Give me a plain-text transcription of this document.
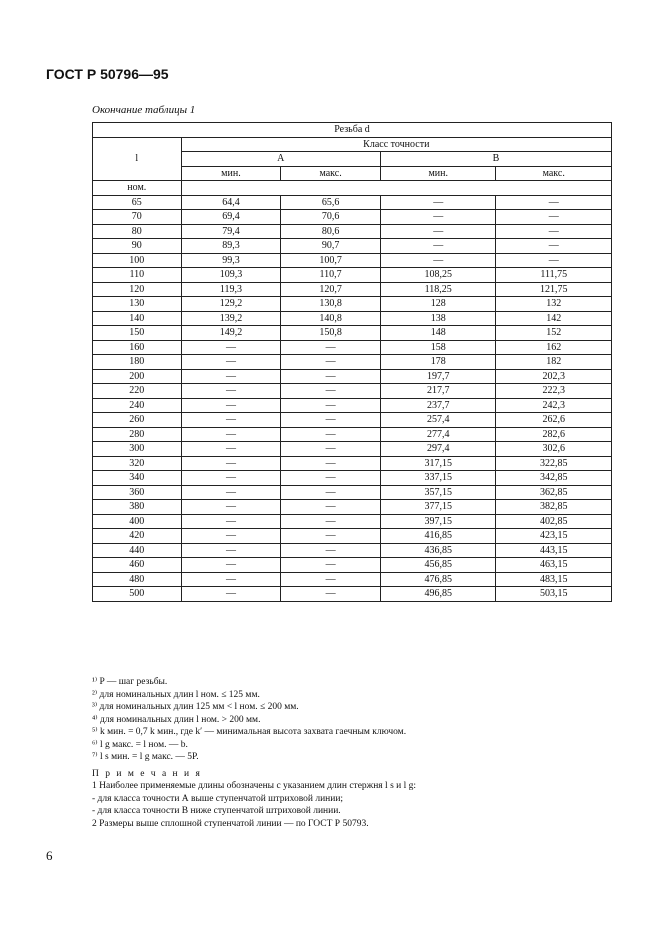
ГОСТ Р 50796—95
Окончание таблицы 1
Резьба d				
l	Класс точности			
	А		В	
	мин.	макс.	мин.	макс.
ном.				
65	64,4	65,6	—	—
70	69,4	70,6	—	—
80	79,4	80,6	—	—
90	89,3	90,7	—	—
100	99,3	100,7	—	—
110	109,3	110,7	108,25	111,75
120	119,3	120,7	118,25	121,75
130	129,2	130,8	128	132
140	139,2	140,8	138	142
150	149,2	150,8	148	152
160	—	—	158	162
180	—	—	178	182
200	—	—	197,7	202,3
220	—	—	217,7	222,3
240	—	—	237,7	242,3
260	—	—	257,4	262,6
280	—	—	277,4	282,6
300	—	—	297,4	302,6
320	—	—	317,15	322,85
340	—	—	337,15	342,85
360	—	—	357,15	362,85
380	—	—	377,15	382,85
400	—	—	397,15	402,85
420	—	—	416,85	423,15
440	—	—	436,85	443,15
460	—	—	456,85	463,15
480	—	—	476,85	483,15
500	—	—	496,85	503,15

¹⁾ P — шаг резьбы.

²⁾ для номинальных длин l ном. ≤ 125 мм.

³⁾ для номинальных длин 125 мм < l ном. ≤ 200 мм.

⁴⁾ для номинальных длин l ном. > 200 мм.

⁵⁾ k мин. = 0,7 k мин., где k′ — минимальная высота захвата гаечным ключом.

⁶⁾ l g макс. = l ном. — b.

⁷⁾ l s мин. = l g макс. — 5P.

П р и м е ч а н и я

1 Наиболее применяемые длины обозначены с указанием длин стержня l s и l g:

- для класса точности А выше ступенчатой штриховой линии;

- для класса точности В ниже ступенчатой штриховой линии.

2 Размеры выше сплошной ступенчатой линии — по ГОСТ Р 50793.

6
